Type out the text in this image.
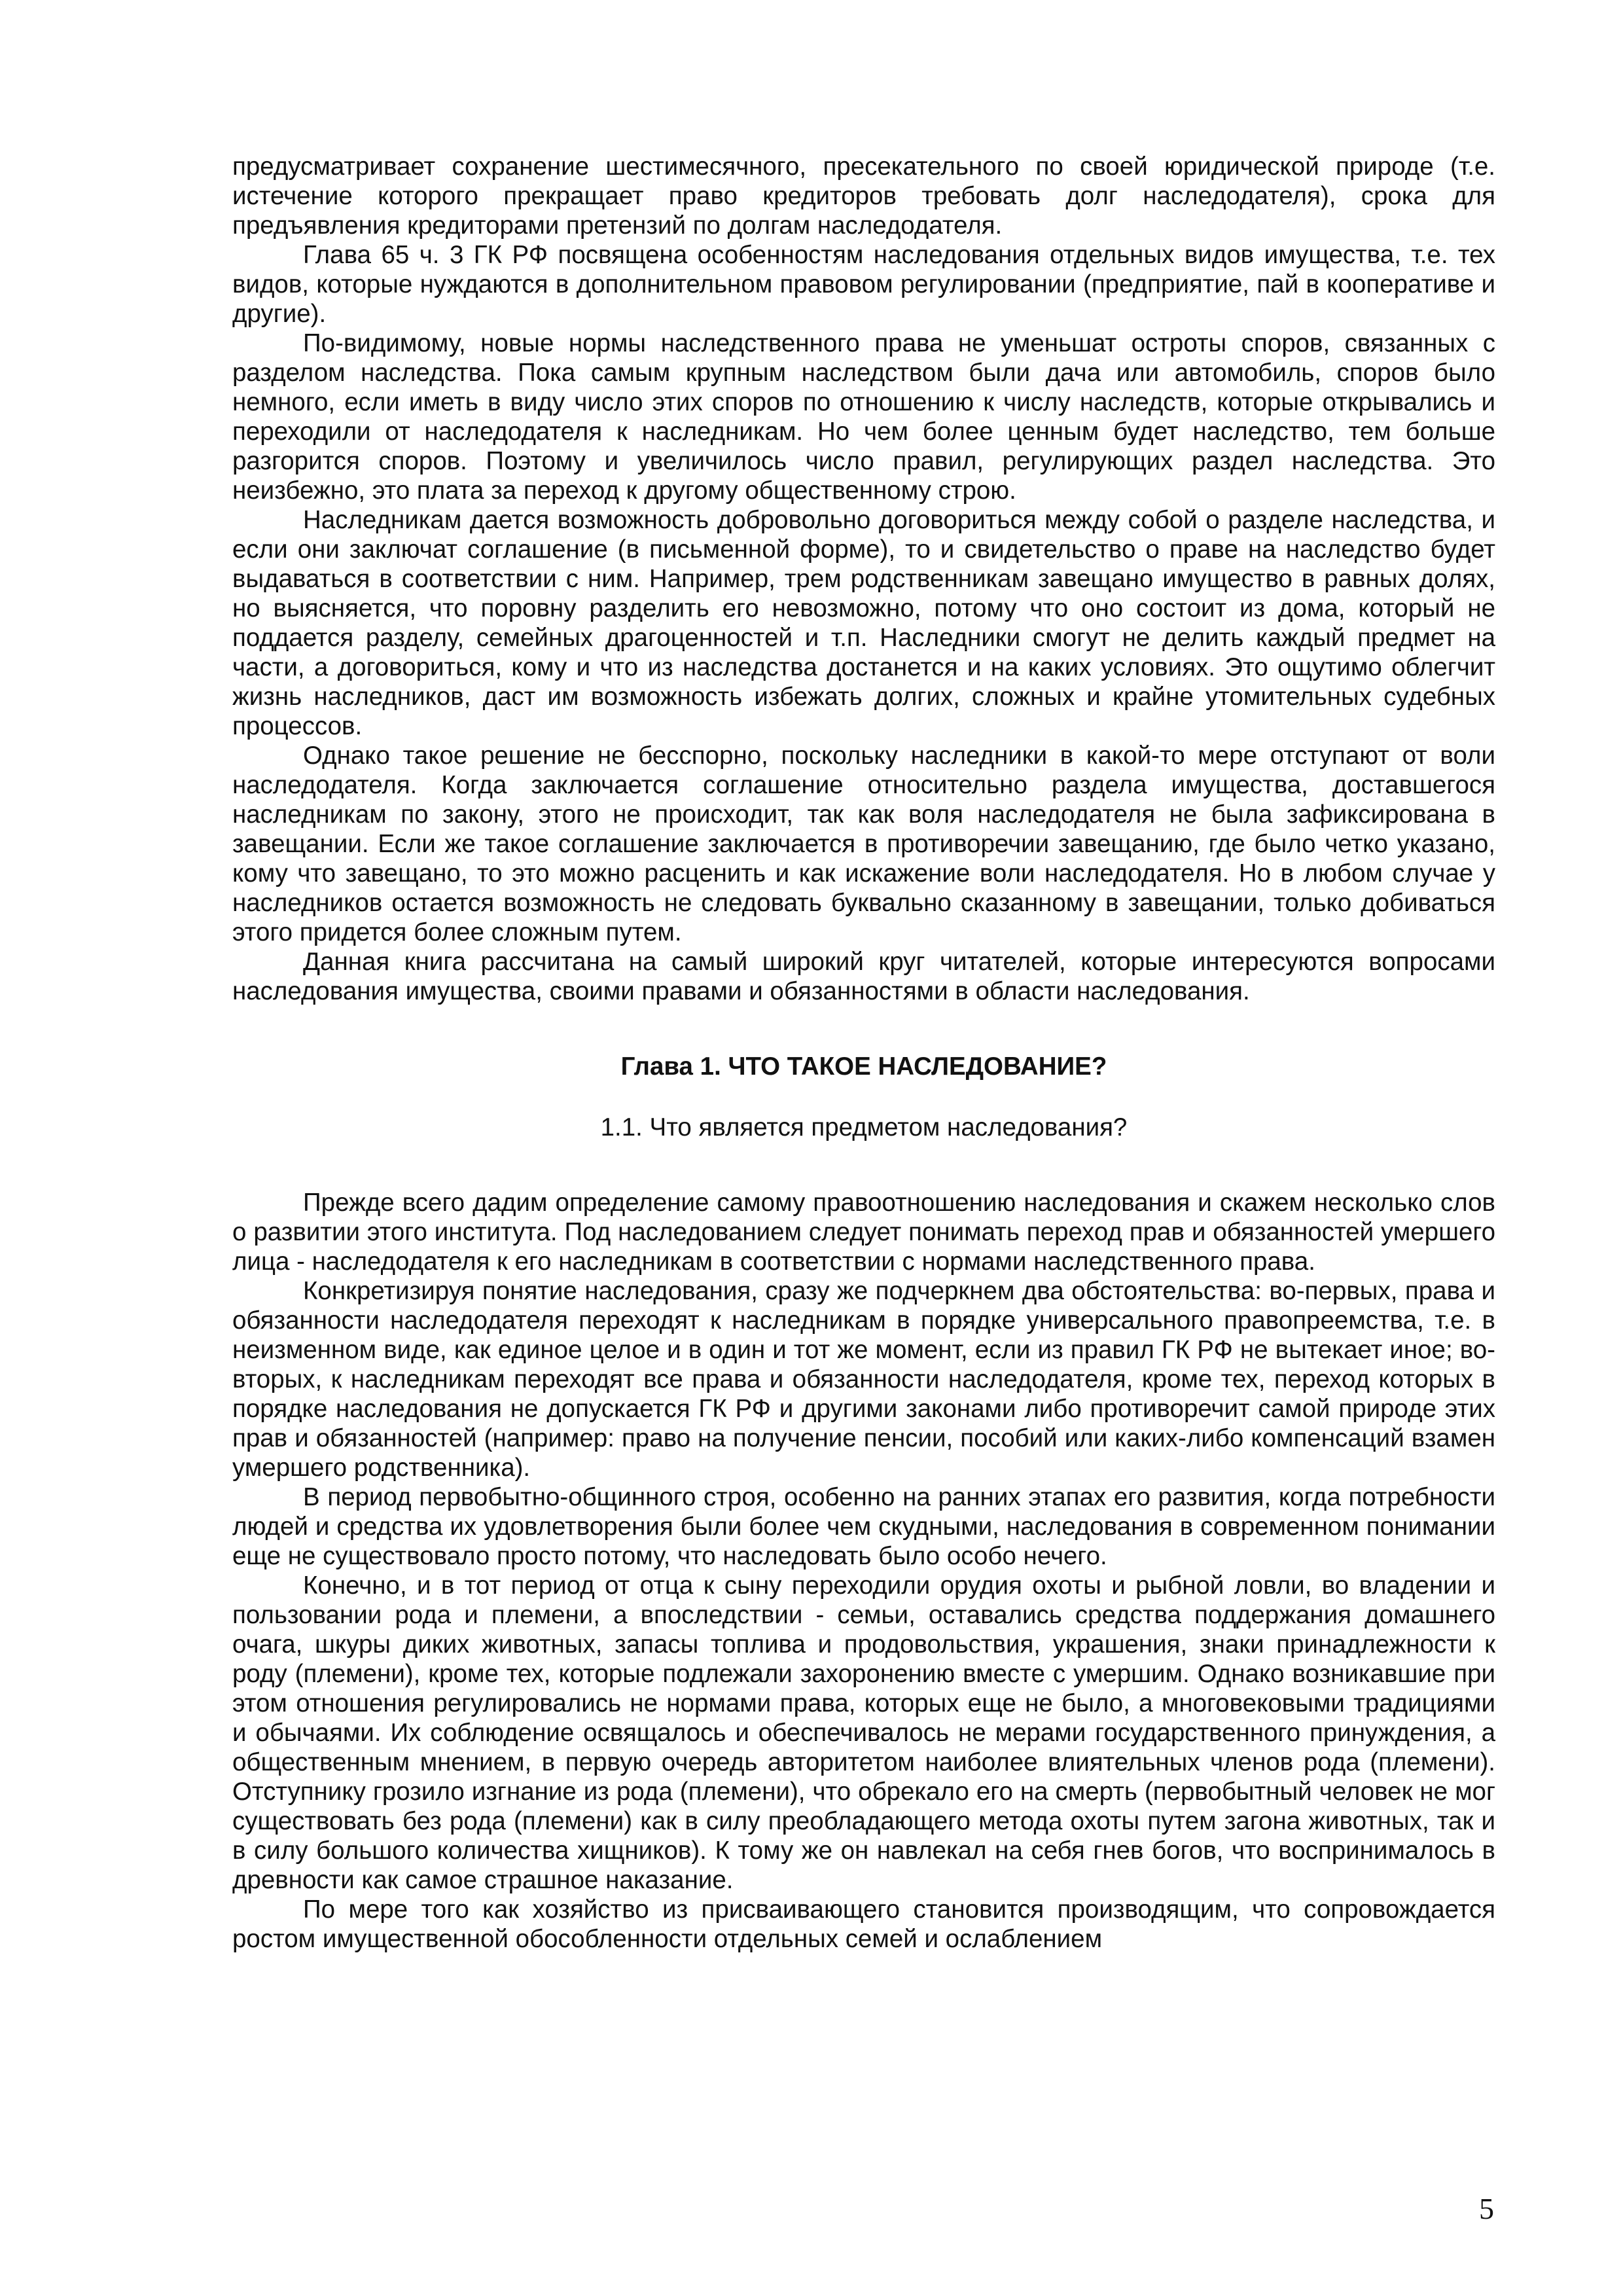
предусматривает сохранение шестимесячного, пресекательного по своей юридической природе (т.е. истечение которого прекращает право кредиторов требовать долг наследодателя), срока для предъявления кредиторами претензий по долгам наследодателя.

Глава 65 ч. 3 ГК РФ посвящена особенностям наследования отдельных видов имущества, т.е. тех видов, которые нуждаются в дополнительном правовом регулировании (предприятие, пай в кооперативе и другие).

По-видимому, новые нормы наследственного права не уменьшат остроты споров, связанных с разделом наследства. Пока самым крупным наследством были дача или автомобиль, споров было немного, если иметь в виду число этих споров по отношению к числу наследств, которые открывались и переходили от наследодателя к наследникам. Но чем более ценным будет наследство, тем больше разгорится споров. Поэтому и увеличилось число правил, регулирующих раздел наследства. Это неизбежно, это плата за переход к другому общественному строю.

Наследникам дается возможность добровольно договориться между собой о разделе наследства, и если они заключат соглашение (в письменной форме), то и свидетельство о праве на наследство будет выдаваться в соответствии с ним. Например, трем родственникам завещано имущество в равных долях, но выясняется, что поровну разделить его невозможно, потому что оно состоит из дома, который не поддается разделу, семейных драгоценностей и т.п. Наследники смогут не делить каждый предмет на части, а договориться, кому и что из наследства достанется и на каких условиях. Это ощутимо облегчит жизнь наследников, даст им возможность избежать долгих, сложных и крайне утомительных судебных процессов.

Однако такое решение не бесспорно, поскольку наследники в какой-то мере отступают от воли наследодателя. Когда заключается соглашение относительно раздела имущества, доставшегося наследникам по закону, этого не происходит, так как воля наследодателя не была зафиксирована в завещании. Если же такое соглашение заключается в противоречии завещанию, где было четко указано, кому что завещано, то это можно расценить и как искажение воли наследодателя. Но в любом случае у наследников остается возможность не следовать буквально сказанному в завещании, только добиваться этого придется более сложным путем.

Данная книга рассчитана на самый широкий круг читателей, которые интересуются вопросами наследования имущества, своими правами и обязанностями в области наследования.

Глава 1. ЧТО ТАКОЕ НАСЛЕДОВАНИЕ?
1.1. Что является предметом наследования?

Прежде всего дадим определение самому правоотношению наследования и скажем несколько слов о развитии этого института. Под наследованием следует понимать переход прав и обязанностей умершего лица - наследодателя к его наследникам в соответствии с нормами наследственного права.

Конкретизируя понятие наследования, сразу же подчеркнем два обстоятельства: во-первых, права и обязанности наследодателя переходят к наследникам в порядке универсального правопреемства, т.е. в неизменном виде, как единое целое и в один и тот же момент, если из правил ГК РФ не вытекает иное; во-вторых, к наследникам переходят все права и обязанности наследодателя, кроме тех, переход которых в порядке наследования не допускается ГК РФ и другими законами либо противоречит самой природе этих прав и обязанностей (например: право на получение пенсии, пособий или каких-либо компенсаций взамен умершего родственника).

В период первобытно-общинного строя, особенно на ранних этапах его развития, когда потребности людей и средства их удовлетворения были более чем скудными, наследования в современном понимании еще не существовало просто потому, что наследовать было особо нечего.

Конечно, и в тот период от отца к сыну переходили орудия охоты и рыбной ловли, во владении и пользовании рода и племени, а впоследствии - семьи, оставались средства поддержания домашнего очага, шкуры диких животных, запасы топлива и продовольствия, украшения, знаки принадлежности к роду (племени), кроме тех, которые подлежали захоронению вместе с умершим. Однако возникавшие при этом отношения регулировались не нормами права, которых еще не было, а многовековыми традициями и обычаями. Их соблюдение освящалось и обеспечивалось не мерами государственного принуждения, а общественным мнением, в первую очередь авторитетом наиболее влиятельных членов рода (племени). Отступнику грозило изгнание из рода (племени), что обрекало его на смерть (первобытный человек не мог существовать без рода (племени) как в силу преобладающего метода охоты путем загона животных, так и в силу большого количества хищников). К тому же он навлекал на себя гнев богов, что воспринималось в древности как самое страшное наказание.

По мере того как хозяйство из присваивающего становится производящим, что сопровождается ростом имущественной обособленности отдельных семей и ослаблением

5
